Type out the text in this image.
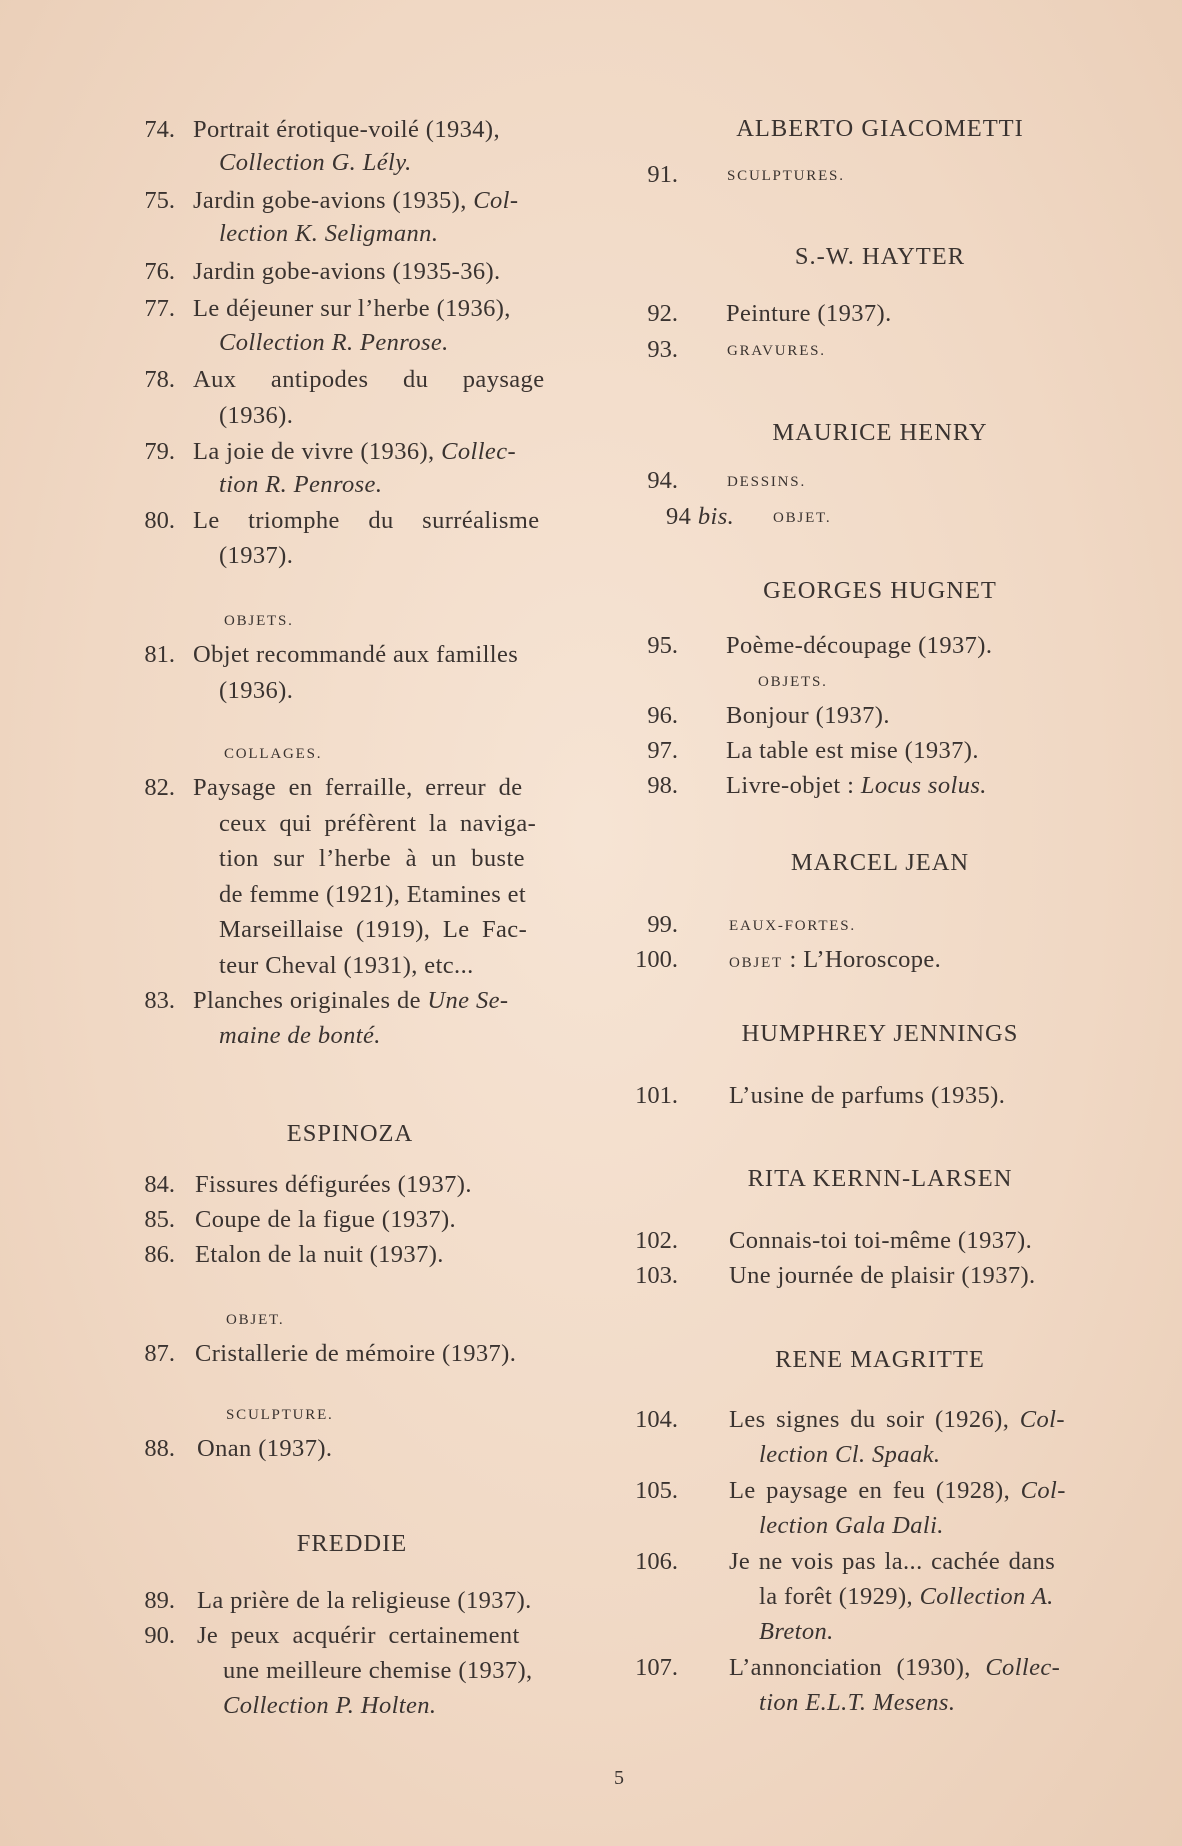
74. Portrait érotique-voilé (1934),
Collection G. Lély.
75. Jardin gobe-avions (1935), Col-
lection K. Seligmann.
76. Jardin gobe-avions (1935-36).
77. Le déjeuner sur l’herbe (1936),
Collection R. Penrose.
78. Aux antipodes du paysage
(1936).
79. La joie de vivre (1936), Collec-
tion R. Penrose.
80. Le triomphe du surréalisme
(1937).
OBJETS.
81. Objet recommandé aux familles
(1936).
COLLAGES.
82. Paysage en ferraille, erreur de
ceux qui préfèrent la naviga-
tion sur l’herbe à un buste
de femme (1921), Etamines et
Marseillaise (1919), Le Fac-
teur Cheval (1931), etc...
83. Planches originales de Une Se-
maine de bonté.
ESPINOZA
84. Fissures défigurées (1937).
85. Coupe de la figue (1937).
86. Etalon de la nuit (1937).
OBJET.
87. Cristallerie de mémoire (1937).
SCULPTURE.
88. Onan (1937).
FREDDIE
89. La prière de la religieuse (1937).
90. Je peux acquérir certainement
une meilleure chemise (1937),
Collection P. Holten.
ALBERTO GIACOMETTI
91.	SCULPTURES.
S.-W. HAYTER
92. Peinture (1937).
93.	GRAVURES.
MAURICE HENRY
94.	DESSINS.
94 bis.	OBJET.
GEORGES HUGNET
95. Poème-découpage (1937).
OBJETS.
96. Bonjour (1937).
97. La table est mise (1937).
98. Livre-objet : Locus solus.
MARCEL JEAN
99.	EAUX-FORTES.
100.	OBJET : L’Horoscope.
HUMPHREY JENNINGS
101. L’usine de parfums (1935).
RITA KERNN-LARSEN
102. Connais-toi toi-même (1937).
103. Une journée de plaisir (1937).
RENE MAGRITTE
104. Les signes du soir (1926), Col-
lection Cl. Spaak.
105. Le paysage en feu (1928), Col-
lection Gala Dali.
106. Je ne vois pas la... cachée dans
la forêt (1929), Collection A.
Breton.
107. L’annonciation (1930), Collec-
tion E.L.T. Mesens.
5
